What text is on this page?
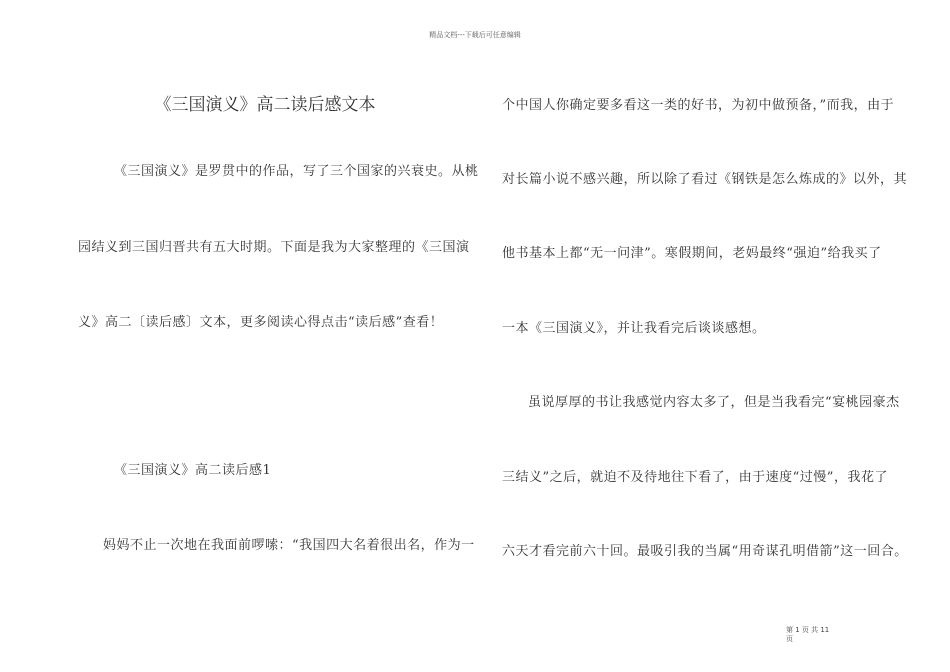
精品文档---下载后可任意编辑
《三国演义》高二读后感文本
《三国演义》是罗贯中的作品，写了三个国家的兴衰史。从桃
园结义到三国归晋共有五大时期。下面是我为大家整理的《三国演
义》高二〔读后感〕文本，更多阅读心得点击“读后感”查看！
《三国演义》高二读后感1
妈妈不止一次地在我面前啰嗦：“我国四大名着很出名，作为一
个中国人你确定要多看这一类的好书，为初中做预备，”而我，由于
对长篇小说不感兴趣，所以除了看过《钢铁是怎么炼成的》以外，其
他书基本上都“无一问津”。寒假期间，老妈最终“强迫”给我买了
一本《三国演义》，并让我看完后谈谈感想。
虽说厚厚的书让我感觉内容太多了，但是当我看完“宴桃园豪杰
三结义”之后，就迫不及待地往下看了，由于速度“过慢”，我花了
六天才看完前六十回。最吸引我的当属“用奇谋孔明借箭”这一回合。
第 1 页 共 11 页
